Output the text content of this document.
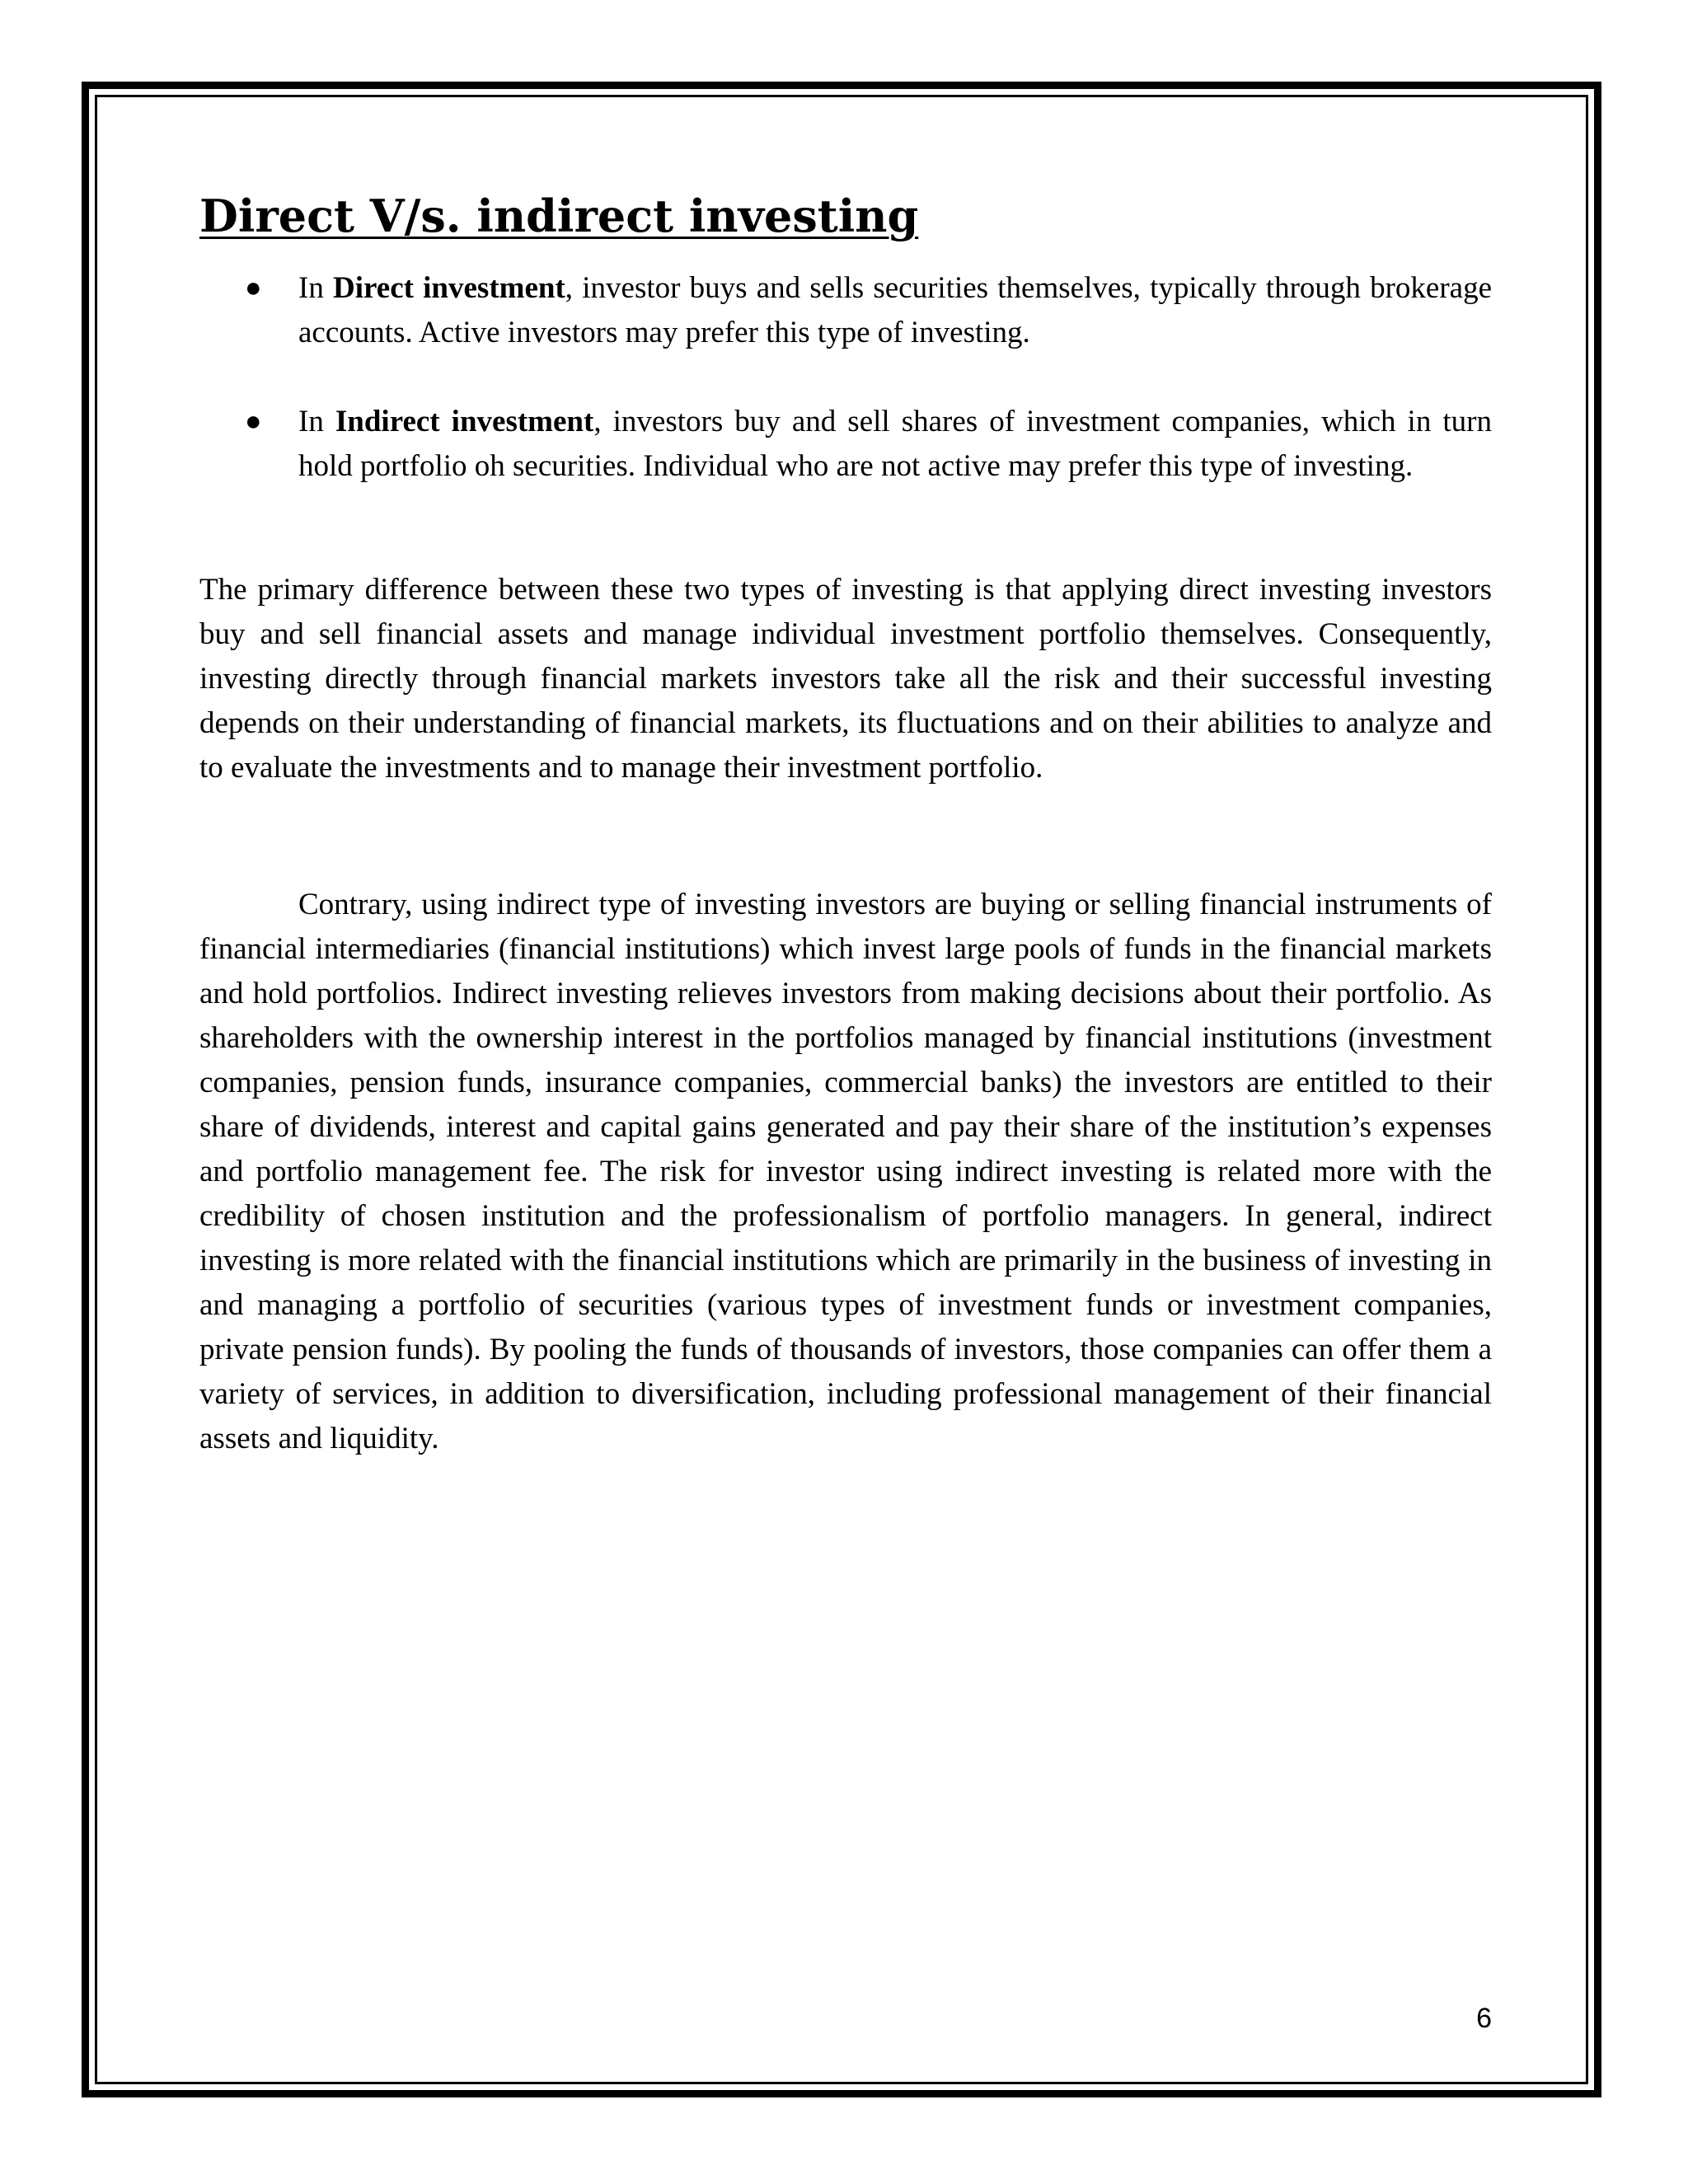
Direct V/s. indirect investing
● In Direct investment, investor buys and sells securities themselves, typically through brokerage accounts. Active investors may prefer this type of investing.
● In Indirect investment, investors buy and sell shares of investment companies, which in turn hold portfolio oh securities. Individual who are not active may prefer this type of investing.

The primary difference between these two types of investing is that applying direct investing investors buy and sell financial assets and manage individual investment portfolio themselves. Consequently, investing directly through financial markets investors take all the risk and their successful investing depends on their understanding of financial markets, its fluctuations and on their abilities to analyze and to evaluate the investments and to manage their investment portfolio.

Contrary, using indirect type of investing investors are buying or selling financial instruments of financial intermediaries (financial institutions) which invest large pools of funds in the financial markets and hold portfolios. Indirect investing relieves investors from making decisions about their portfolio. As shareholders with the ownership interest in the portfolios managed by financial institutions (investment companies, pension funds, insurance companies, commercial banks) the investors are entitled to their share of dividends, interest and capital gains generated and pay their share of the institution’s expenses and portfolio management fee. The risk for investor using indirect investing is related more with the credibility of chosen institution and the professionalism of portfolio managers. In general, indirect investing is more related with the financial institutions which are primarily in the business of investing in and managing a portfolio of securities (various types of investment funds or investment companies, private pension funds). By pooling the funds of thousands of investors, those companies can offer them a variety of services, in addition to diversification, including professional management of their financial assets and liquidity.

6
